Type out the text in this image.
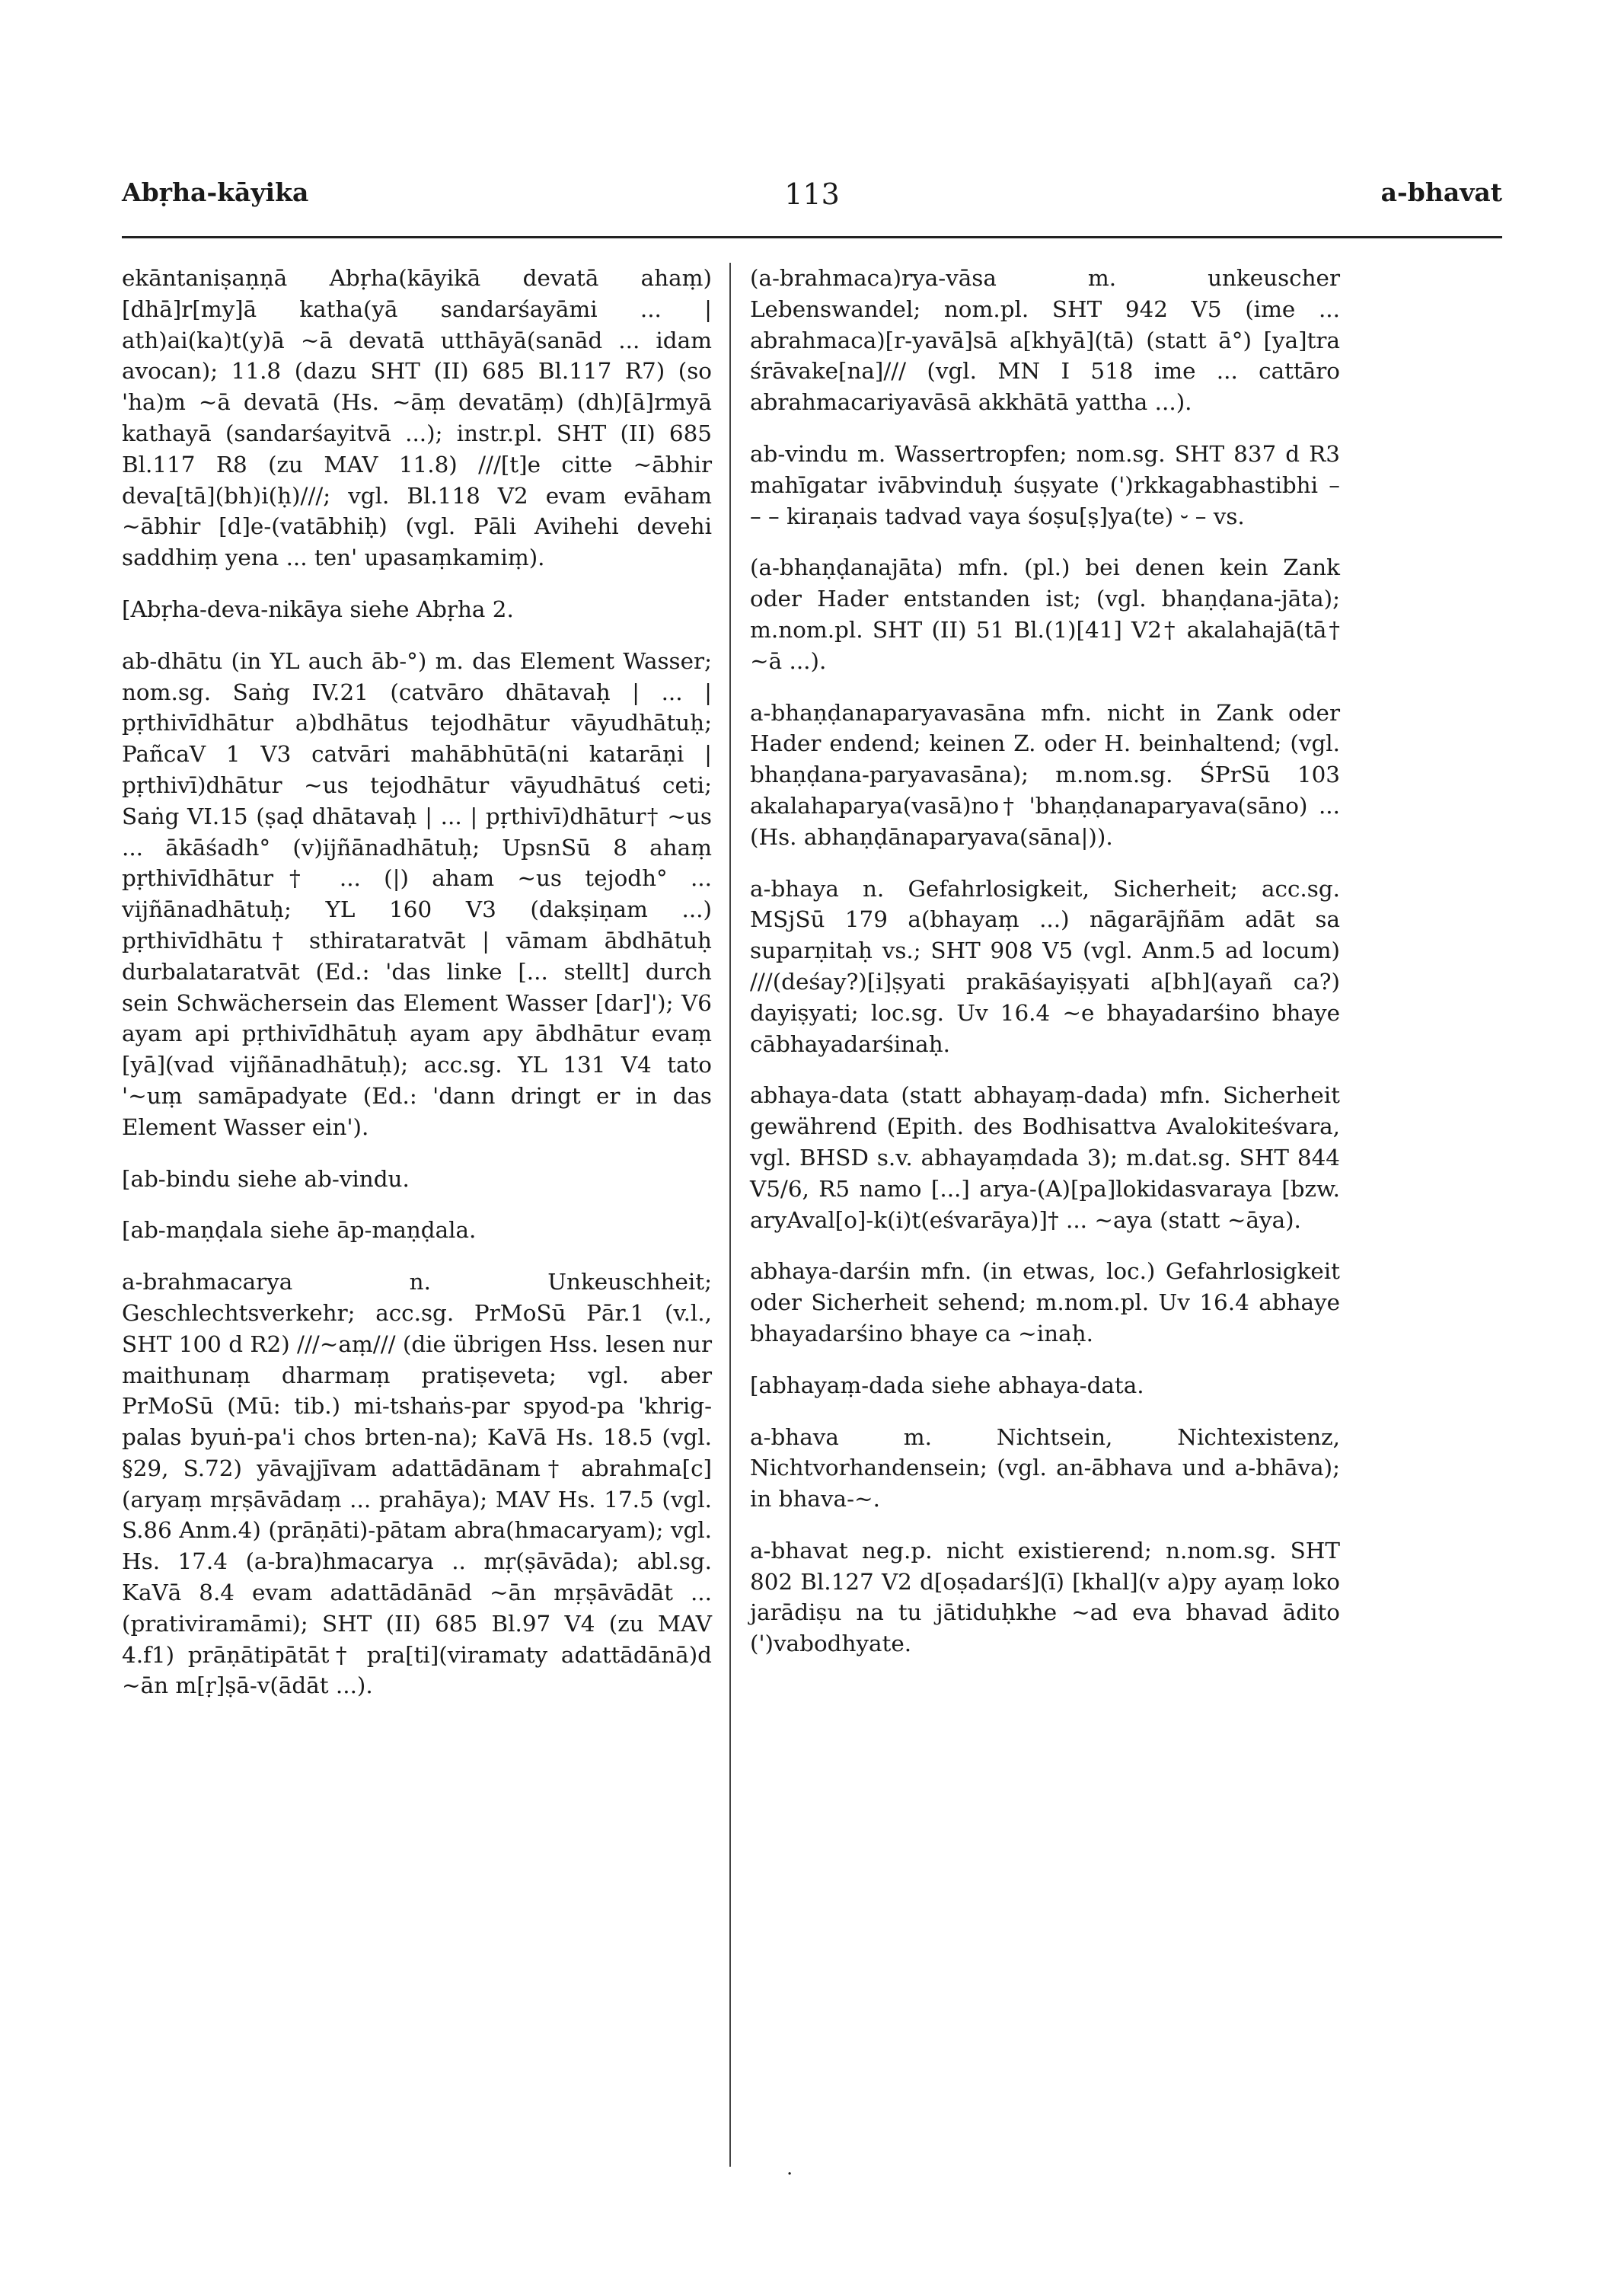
Abṛha-kāyika	113	a-bhavat

ekāntaniṣaṇṇā Abṛha(kāyikā devatā ahaṃ) [dhā]r[my]ā katha(yā sandarśayāmi ... | ath)ai(ka)t(y)ā ~ā devatā utthāyā(sanād ... idam avocan); 11.8 (dazu SHT (II) 685 Bl.117 R7) (so 'ha)m ~ā devatā (Hs. ~āṃ devatāṃ) (dh)[ā]rmyā kathayā (sandarśayitvā ...); instr.pl. SHT (II) 685 Bl.117 R8 (zu MAV 11.8) ///[t]e citte ~ābhir deva[tā](bh)i(ḥ)///; vgl. Bl.118 V2 evam evāham ~ābhir [d]e-(vatābhiḥ) (vgl. Pāli Avihehi devehi saddhiṃ yena ... ten' upasaṃkamiṃ).

[Abṛha-deva-nikāya siehe Abṛha 2.

ab-dhātu (in YL auch āb-°) m. das Element Wasser; nom.sg. Saṅg IV.21 (catvāro dhātavaḥ | ... | pṛthivīdhātur a)bdhātus tejodhātur vāyudhātuḥ; PañcaV 1 V3 catvāri mahābhūtā(ni katarāṇi | pṛthivī)dhātur ~us tejodhātur vāyudhātuś ceti; Saṅg VI.15 (ṣaḍ dhātavaḥ | ... | pṛthivī)dhātur† ~us ... ākāśadh° (v)ijñānadhātuḥ; UpsnSū 8 ahaṃ pṛthivīdhātur† ... (|) aham ~us tejodh° ... vijñānadhātuḥ; YL 160 V3 (dakṣiṇam ...) pṛthivīdhātu† sthirataratvāt | vāmam ābdhātuḥ durbalataratvāt (Ed.: 'das linke [... stellt] durch sein Schwächersein das Element Wasser [dar]'); V6 ayam api pṛthivīdhātuḥ ayam apy ābdhātur evaṃ [yā](vad vijñānadhātuḥ); acc.sg. YL 131 V4 tato '~uṃ samāpadyate (Ed.: 'dann dringt er in das Element Wasser ein').

[ab-bindu siehe ab-vindu.

[ab-maṇḍala siehe āp-maṇḍala.

a-brahmacarya n. Unkeuschheit; Geschlechtsverkehr; acc.sg. PrMoSū Pār.1 (v.l., SHT 100 d R2) ///~aṃ/// (die übrigen Hss. lesen nur maithunaṃ dharmaṃ pratiṣeveta; vgl. aber PrMoSū (Mū: tib.) mi-tshaṅs-par spyod-pa 'khrig-palas byuṅ-pa'i chos brten-na); KaVā Hs. 18.5 (vgl. §29, S.72) yāvajjīvam adattādānam† abrahma[c](aryaṃ mṛṣāvādaṃ ... prahāya); MAV Hs. 17.5 (vgl. S.86 Anm.4) (prāṇāti)-pātam abra(hmacaryam); vgl. Hs. 17.4 (a-bra)hmacarya .. mṛ(ṣāvāda); abl.sg. KaVā 8.4 evam adattādānād ~ān mṛṣāvādāt ... (prativiramāmi); SHT (II) 685 Bl.97 V4 (zu MAV 4.f1) prāṇātipātāt† pra[ti](viramaty adattādānā)d ~ān m[ṛ]ṣā-v(ādāt ...).

(a-brahmaca)rya-vāsa m. unkeuscher Lebenswandel; nom.pl. SHT 942 V5 (ime ... abrahmaca)[r-yavā]sā a[khyā](tā) (statt ā°) [ya]tra śrāvake[na]/// (vgl. MN I 518 ime ... cattāro abrahmacariyavāsā akkhātā yattha ...).

ab-vindu m. Wassertropfen; nom.sg. SHT 837 d R3 mahīgatar ivābvinduḥ śuṣyate (')rkkagabhastibhi – – – kiraṇais tadvad vaya śoṣu[ṣ]ya(te) ⏑ – vs.

(a-bhaṇḍanajāta) mfn. (pl.) bei denen kein Zank oder Hader entstanden ist; (vgl. bhaṇḍana-jāta); m.nom.pl. SHT (II) 51 Bl.(1)[41] V2† akalahajā(tā† ~ā ...).

a-bhaṇḍanaparyavasāna mfn. nicht in Zank oder Hader endend; keinen Z. oder H. beinhaltend; (vgl. bhaṇḍana-paryavasāna); m.nom.sg. ŚPrSū 103 akalahaparya(vasā)no† 'bhaṇḍanaparyava(sāno) ... (Hs. abhaṇḍānaparyava(sāna|)).

a-bhaya n. Gefahrlosigkeit, Sicherheit; acc.sg. MSjSū 179 a(bhayaṃ ...) nāgarājñām adāt sa suparṇitaḥ vs.; SHT 908 V5 (vgl. Anm.5 ad locum) ///(deśay?)[i]ṣyati prakāśayiṣyati a[bh](ayañ ca?) dayiṣyati; loc.sg. Uv 16.4 ~e bhayadarśino bhaye cābhayadarśinaḥ.

abhaya-data (statt abhayaṃ-dada) mfn. Sicherheit gewährend (Epith. des Bodhisattva Avalokiteśvara, vgl. BHSD s.v. abhayaṃdada 3); m.dat.sg. SHT 844 V5/6, R5 namo [...] arya-(A)[pa]lokidasvaraya [bzw. aryAval[o]-k(i)t(eśvarāya)]† ... ~aya (statt ~āya).

abhaya-darśin mfn. (in etwas, loc.) Gefahrlosigkeit oder Sicherheit sehend; m.nom.pl. Uv 16.4 abhaye bhayadarśino bhaye ca ~inaḥ.

[abhayaṃ-dada siehe abhaya-data.

a-bhava m. Nichtsein, Nichtexistenz, Nichtvorhandensein; (vgl. an-ābhava und a-bhāva); in bhava-~.

a-bhavat neg.p. nicht existierend; n.nom.sg. SHT 802 Bl.127 V2 d[oṣadarś](ī) [khal](v a)py ayaṃ loko jarādiṣu na tu jātiduḥkhe ~ad eva bhavad ādito (')vabodhyate.

·
